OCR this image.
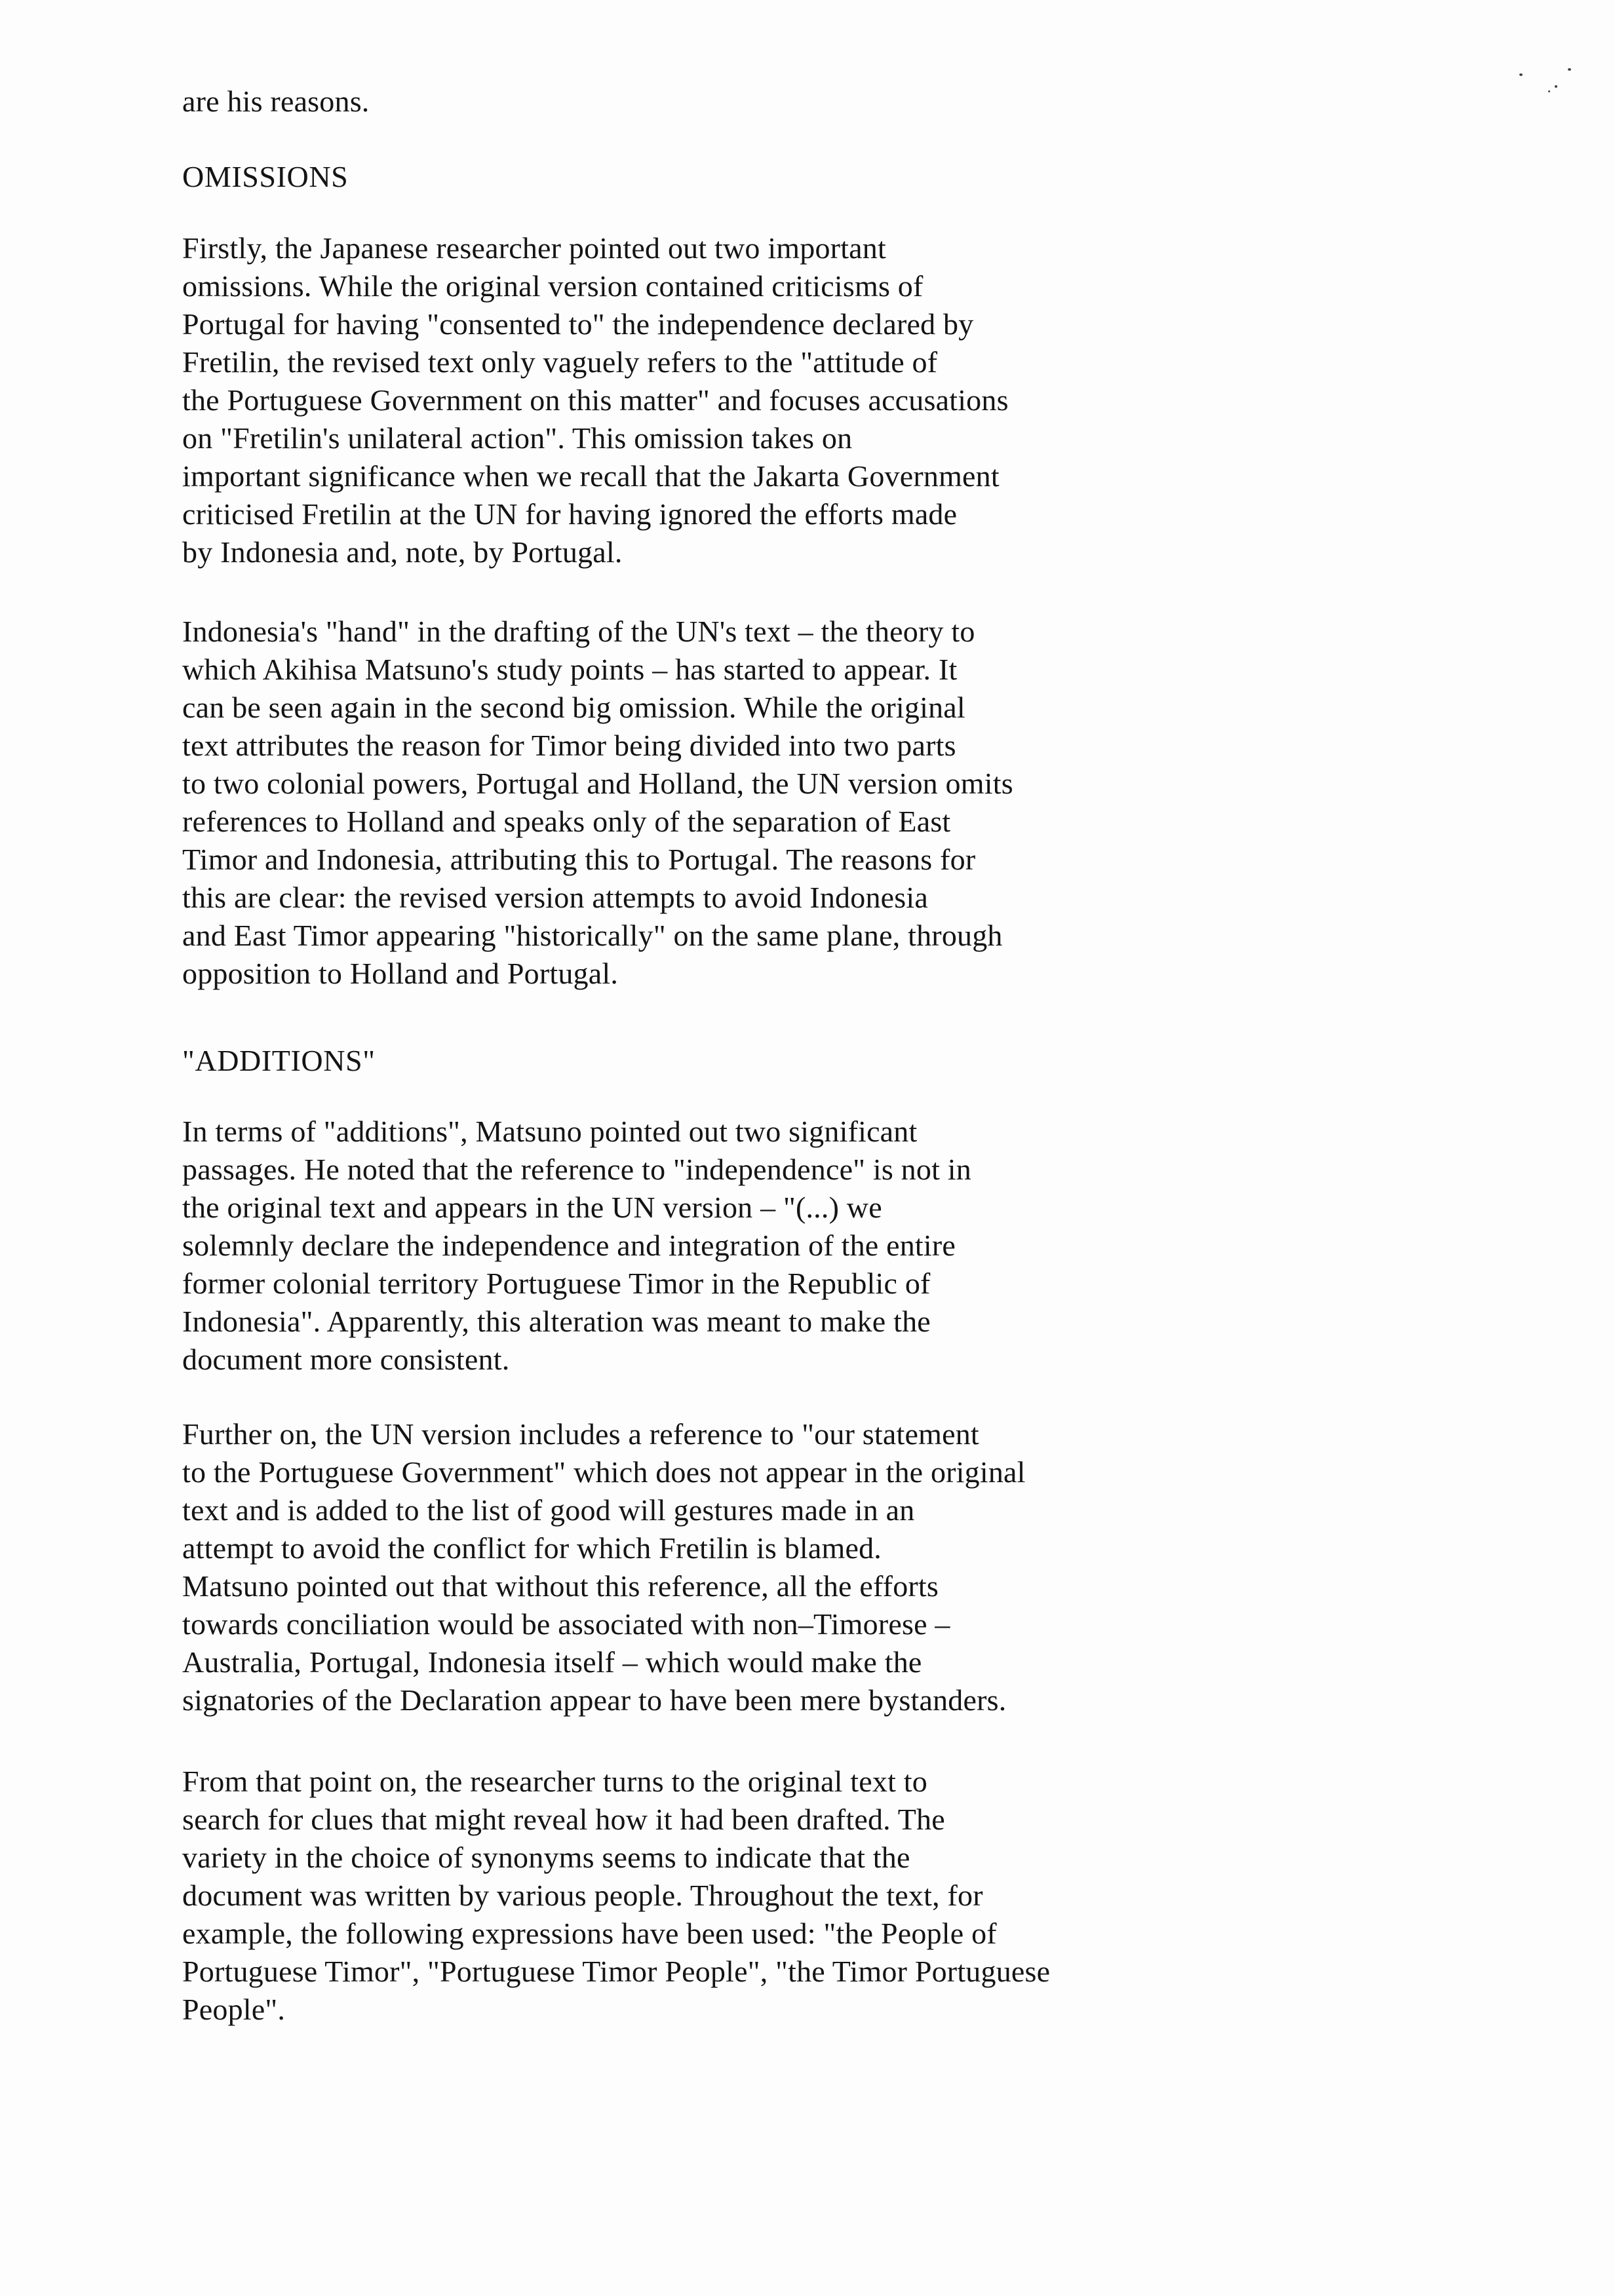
are his reasons.
OMISSIONS
Firstly, the Japanese researcher pointed out two important
omissions. While the original version contained criticisms of
Portugal for having "consented to" the independence declared by
Fretilin, the revised text only vaguely refers to the "attitude of
the Portuguese Government on this matter" and focuses accusations
on "Fretilin's unilateral action". This omission takes on
important significance when we recall that the Jakarta Government
criticised Fretilin at the UN for having ignored the efforts made
by Indonesia and, note, by Portugal.
Indonesia's "hand" in the drafting of the UN's text – the theory to
which Akihisa Matsuno's study points – has started to appear. It
can be seen again in the second big omission. While the original
text attributes the reason for Timor being divided into two parts
to two colonial powers, Portugal and Holland, the UN version omits
references to Holland and speaks only of the separation of East
Timor and Indonesia, attributing this to Portugal. The reasons for
this are clear: the revised version attempts to avoid Indonesia
and East Timor appearing "historically" on the same plane, through
opposition to Holland and Portugal.
"ADDITIONS"
In terms of "additions", Matsuno pointed out two significant
passages. He noted that the reference to "independence" is not in
the original text and appears in the UN version – "(...) we
solemnly declare the independence and integration of the entire
former colonial territory Portuguese Timor in the Republic of
Indonesia". Apparently, this alteration was meant to make the
document more consistent.
Further on, the UN version includes a reference to "our statement
to the Portuguese Government" which does not appear in the original
text and is added to the list of good will gestures made in an
attempt to avoid the conflict for which Fretilin is blamed.
Matsuno pointed out that without this reference, all the efforts
towards conciliation would be associated with non–Timorese –
Australia, Portugal, Indonesia itself – which would make the
signatories of the Declaration appear to have been mere bystanders.
From that point on, the researcher turns to the original text to
search for clues that might reveal how it had been drafted. The
variety in the choice of synonyms seems to indicate that the
document was written by various people. Throughout the text, for
example, the following expressions have been used: "the People of
Portuguese Timor", "Portuguese Timor People", "the Timor Portuguese
People".
